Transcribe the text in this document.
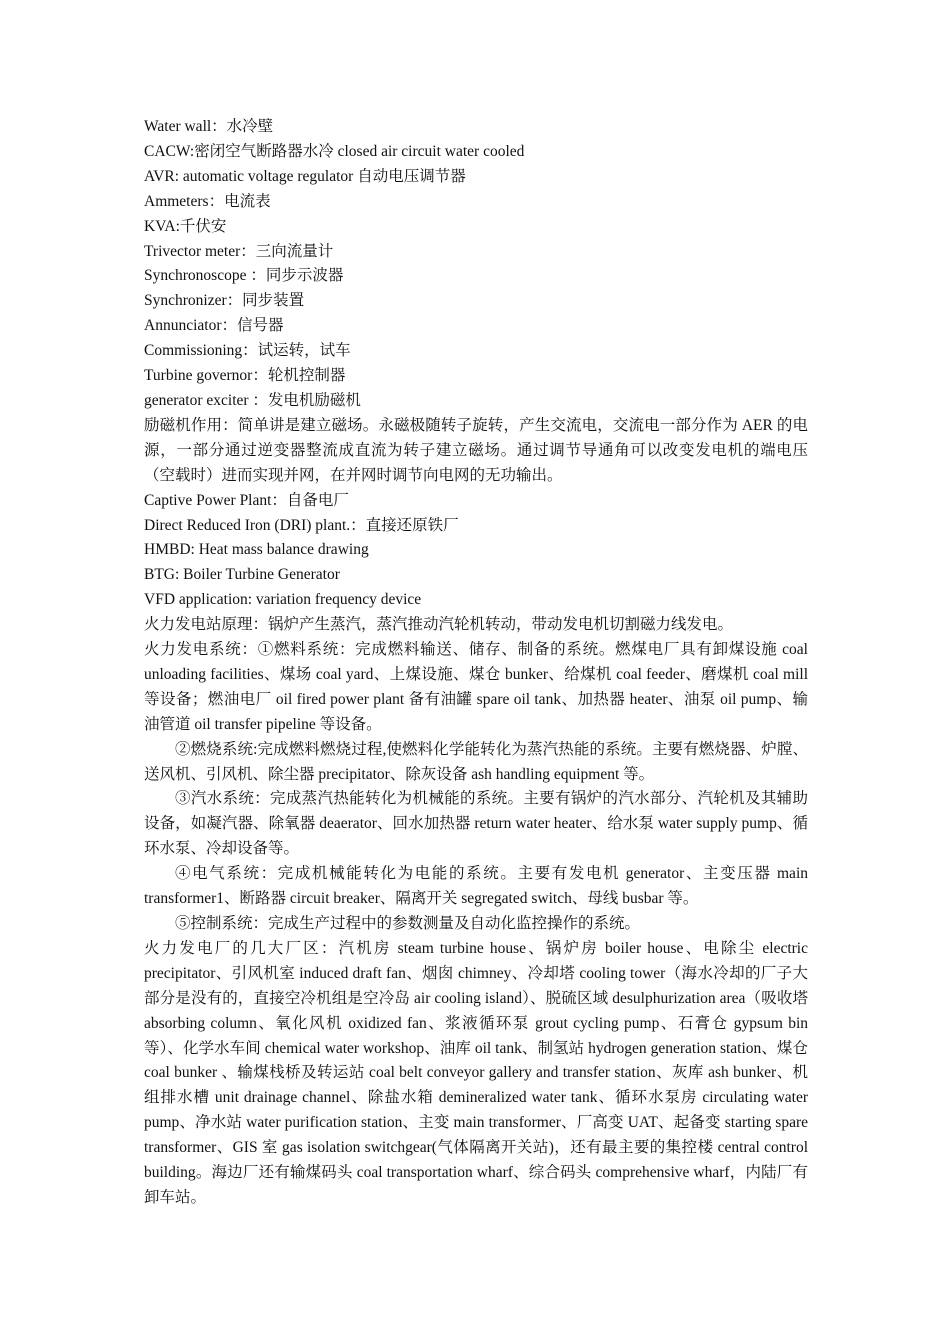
Water wall：水冷壁

CACW:密闭空气断路器水冷 closed air circuit water cooled

AVR: automatic voltage regulator 自动电压调节器

Ammeters：电流表

KVA:千伏安

Trivector meter：三向流量计

Synchronoscope ：同步示波器

Synchronizer：同步装置

Annunciator：信号器

Commissioning：试运转，试车

Turbine governor：轮机控制器

generator exciter ：发电机励磁机

励磁机作用：简单讲是建立磁场。永磁极随转子旋转，产生交流电，交流电一部分作为 AER 的电源，一部分通过逆变器整流成直流为转子建立磁场。通过调节导通角可以改变发电机的端电压（空载时）进而实现并网，在并网时调节向电网的无功输出。

Captive Power Plant：自备电厂

Direct Reduced Iron (DRI) plant.：直接还原铁厂

HMBD: Heat mass balance drawing

BTG: Boiler Turbine Generator

VFD application: variation frequency device

火力发电站原理：锅炉产生蒸汽，蒸汽推动汽轮机转动，带动发电机切割磁力线发电。

火力发电系统：①燃料系统：完成燃料输送、储存、制备的系统。燃煤电厂具有卸煤设施 coal unloading facilities、煤场 coal yard、上煤设施、煤仓 bunker、给煤机 coal feeder、磨煤机 coal mill 等设备；燃油电厂 oil fired power plant 备有油罐 spare oil tank、加热器 heater、油泵 oil pump、输油管道 oil transfer pipeline 等设备。

②燃烧系统:完成燃料燃烧过程,使燃料化学能转化为蒸汽热能的系统。主要有燃烧器、炉膛、送风机、引风机、除尘器 precipitator、除灰设备 ash handling equipment 等。

③汽水系统：完成蒸汽热能转化为机械能的系统。主要有锅炉的汽水部分、汽轮机及其辅助设备，如凝汽器、除氧器 deaerator、回水加热器 return water heater、给水泵 water supply pump、循环水泵、冷却设备等。

④电气系统：完成机械能转化为电能的系统。主要有发电机 generator、主变压器 main transformer1、断路器 circuit breaker、隔离开关 segregated switch、母线 busbar 等。

⑤控制系统：完成生产过程中的参数测量及自动化监控操作的系统。

火力发电厂的几大厂区：汽机房 steam turbine house、锅炉房 boiler house、电除尘 electric precipitator、引风机室 induced draft fan、烟囱 chimney、冷却塔 cooling tower（海水冷却的厂子大部分是没有的，直接空冷机组是空冷岛 air cooling island）、脱硫区域 desulphurization area（吸收塔 absorbing column、氧化风机 oxidized fan、浆液循环泵 grout cycling pump、石膏仓 gypsum bin 等）、化学水车间 chemical water workshop、油库 oil tank、制氢站 hydrogen generation station、煤仓 coal bunker 、输煤栈桥及转运站 coal belt conveyor gallery and transfer station、灰库 ash bunker、机组排水槽 unit drainage channel、除盐水箱 demineralized water tank、循环水泵房 circulating water pump、净水站 water purification station、主变 main transformer、厂高变 UAT、起备变 starting spare transformer、GIS 室 gas isolation switchgear(气体隔离开关站)，还有最主要的集控楼 central control building。海边厂还有输煤码头 coal transportation wharf、综合码头 comprehensive wharf，内陆厂有卸车站。
